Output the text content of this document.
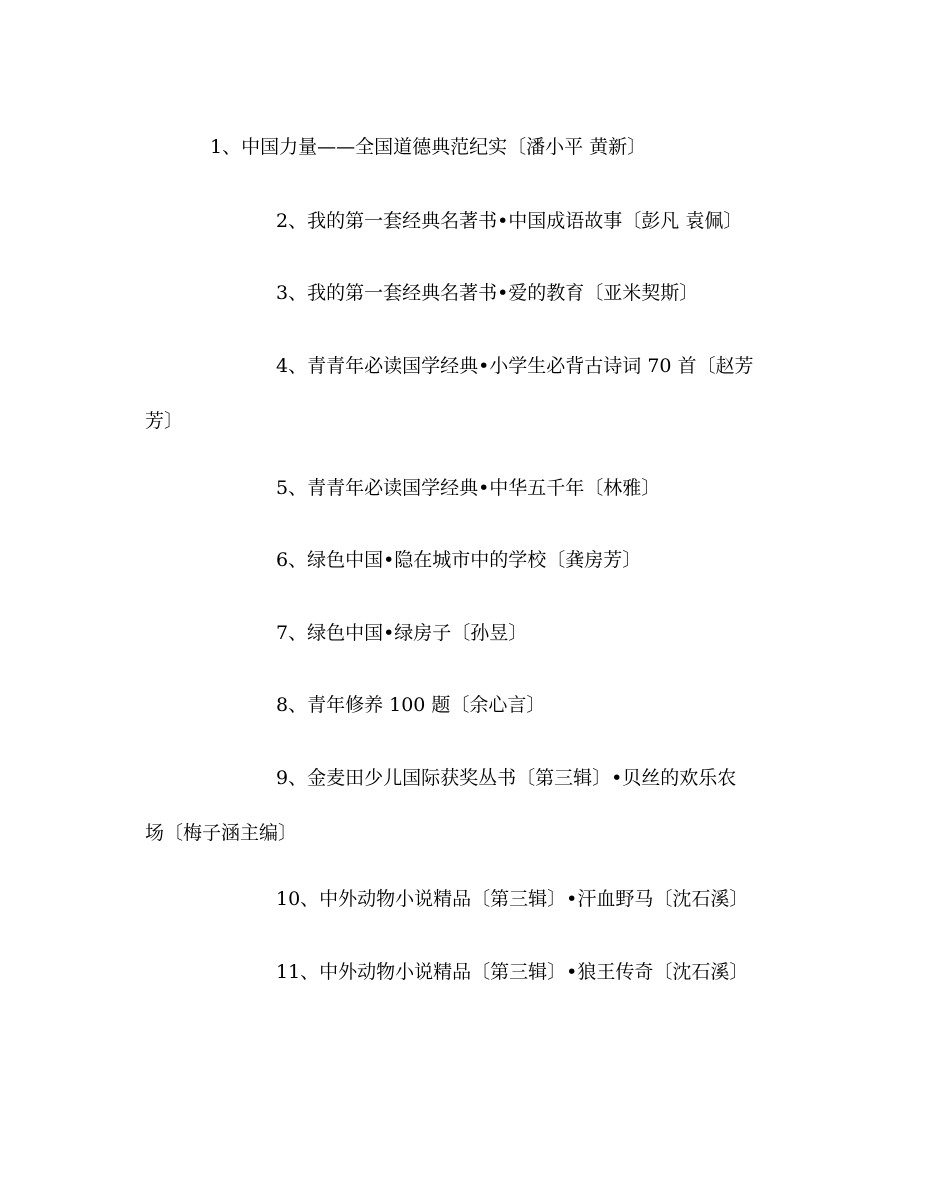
1、中国力量——全国道德典范纪实〔潘小平 黄新〕
2、我的第一套经典名著书•中国成语故事〔彭凡 袁佩〕
3、我的第一套经典名著书•爱的教育〔亚米契斯〕
4、青青年必读国学经典•小学生必背古诗词 70 首〔赵芳
芳〕
5、青青年必读国学经典•中华五千年〔林雅〕
6、绿色中国•隐在城市中的学校〔龚房芳〕
7、绿色中国•绿房子〔孙昱〕
8、青年修养 100 题〔余心言〕
9、金麦田少儿国际获奖丛书〔第三辑〕•贝丝的欢乐农
场〔梅子涵主编〕
10、中外动物小说精品〔第三辑〕•汗血野马〔沈石溪〕
11、中外动物小说精品〔第三辑〕•狼王传奇〔沈石溪〕
